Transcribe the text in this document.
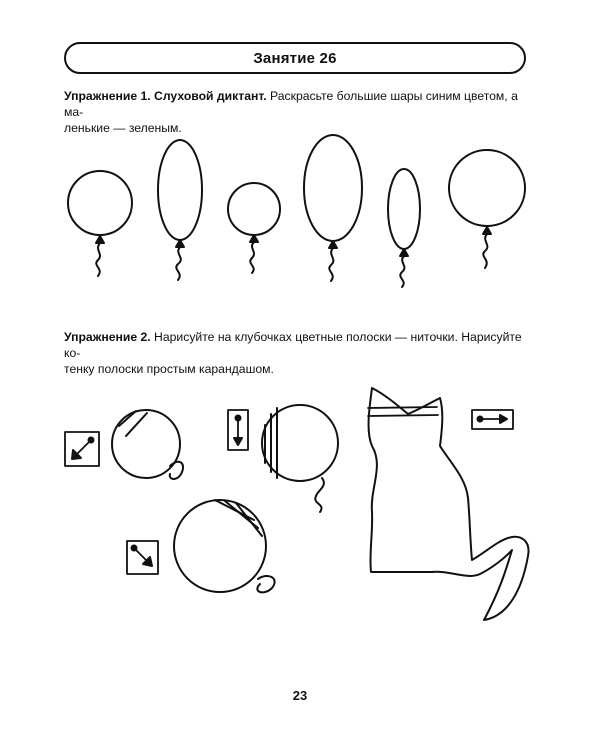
Занятие 26
Упражнение 1. Слуховой диктант. Раскрасьте большие шары синим цветом, а ма-
ленькие — зеленым.
Упражнение 2. Нарисуйте на клубочках цветные полоски — ниточки. Нарисуйте ко-
тенку полоски простым карандашом.
23
